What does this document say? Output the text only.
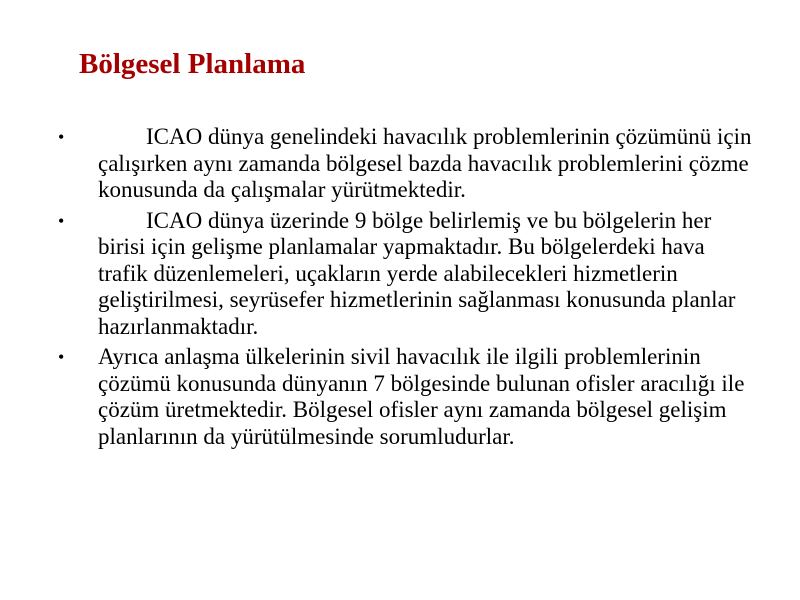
Bölgesel Planlama
•	ICAO dünya genelindeki havacılık problemlerinin çözümünü için çalışırken aynı zamanda bölgesel bazda havacılık problemlerini çözme konusunda da çalışmalar yürütmektedir.
•	ICAO dünya üzerinde 9 bölge belirlemiş ve bu bölgelerin her birisi için gelişme planlamalar yapmaktadır. Bu bölgelerdeki hava trafik düzenlemeleri, uçakların yerde alabilecekleri hizmetlerin geliştirilmesi, seyrüsefer hizmetlerinin sağlanması konusunda planlar hazırlanmaktadır.
• Ayrıca anlaşma ülkelerinin sivil havacılık ile ilgili problemlerinin çözümü konusunda dünyanın 7 bölgesinde bulunan ofisler aracılığı ile çözüm üretmektedir. Bölgesel ofisler aynı zamanda bölgesel gelişim planlarının da yürütülmesinde sorumludurlar.
